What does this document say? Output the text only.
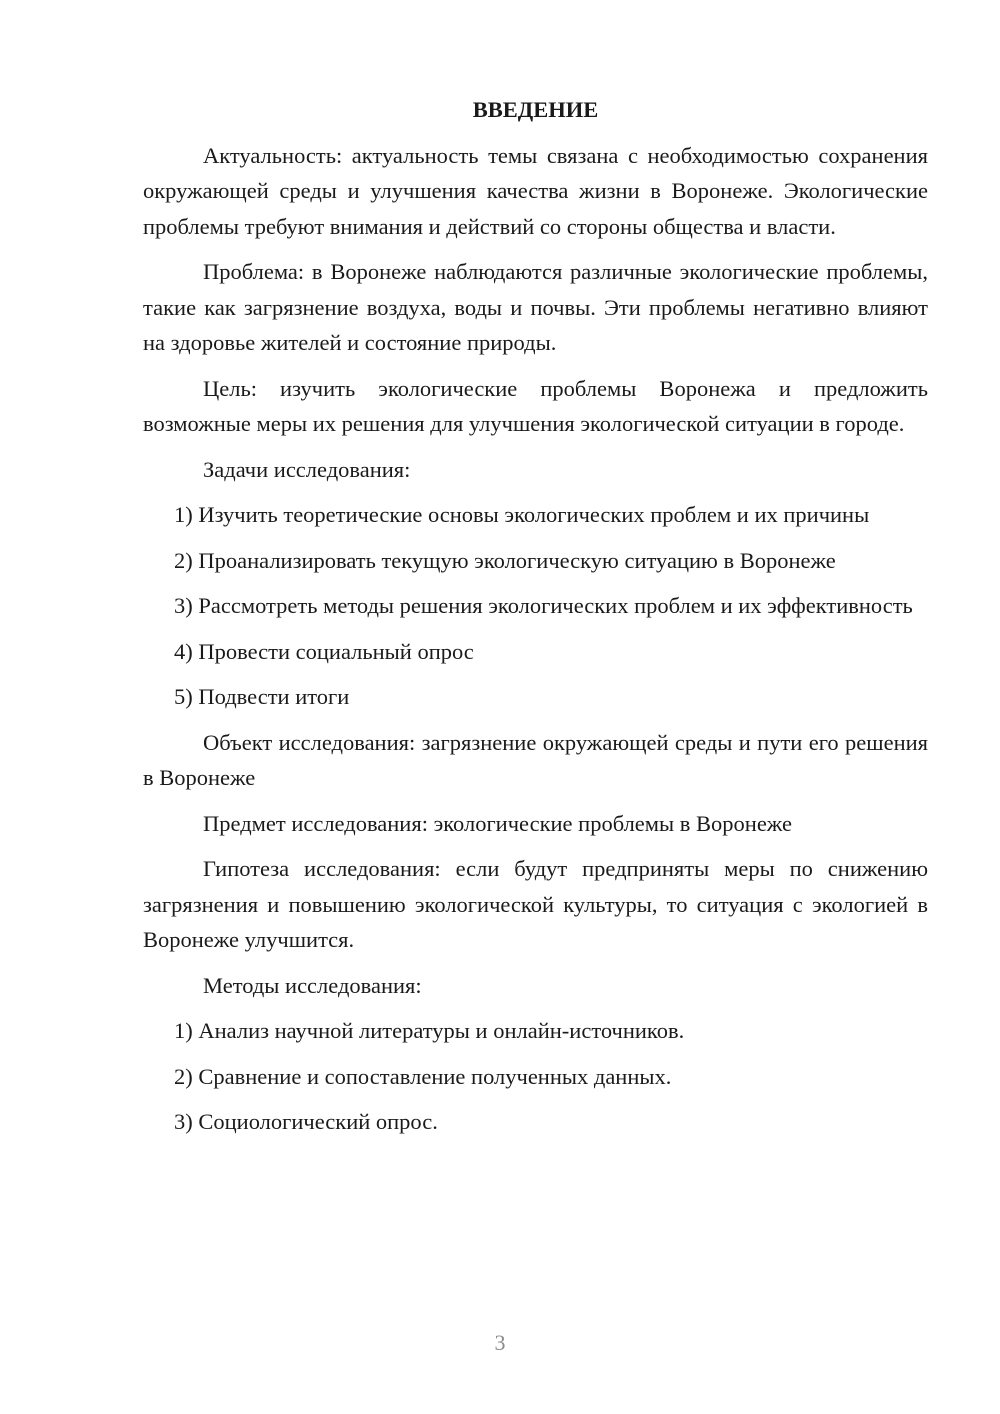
ВВЕДЕНИЕ

Актуальность: актуальность темы связана с необходимостью сохранения окружающей среды и улучшения качества жизни в Воронеже. Экологические проблемы требуют внимания и действий со стороны общества и власти.

Проблема: в Воронеже наблюдаются различные экологические проблемы, такие как загрязнение воздуха, воды и почвы. Эти проблемы негативно влияют на здоровье жителей и состояние природы.

Цель: изучить экологические проблемы Воронежа и предложить возможные меры их решения для улучшения экологической ситуации в городе.

Задачи исследования:

1) Изучить теоретические основы экологических проблем и их причины

2) Проанализировать текущую экологическую ситуацию в Воронеже

3) Рассмотреть методы решения экологических проблем и их эффективность

4) Провести социальный опрос

5) Подвести итоги

Объект исследования: загрязнение окружающей среды и пути его решения в Воронеже

Предмет исследования: экологические проблемы в Воронеже

Гипотеза исследования: если будут предприняты меры по снижению загрязнения и повышению экологической культуры, то ситуация с экологией в Воронеже улучшится.

Методы исследования:

1) Анализ научной литературы и онлайн-источников.

2) Сравнение и сопоставление полученных данных.

3) Социологический опрос.

3
